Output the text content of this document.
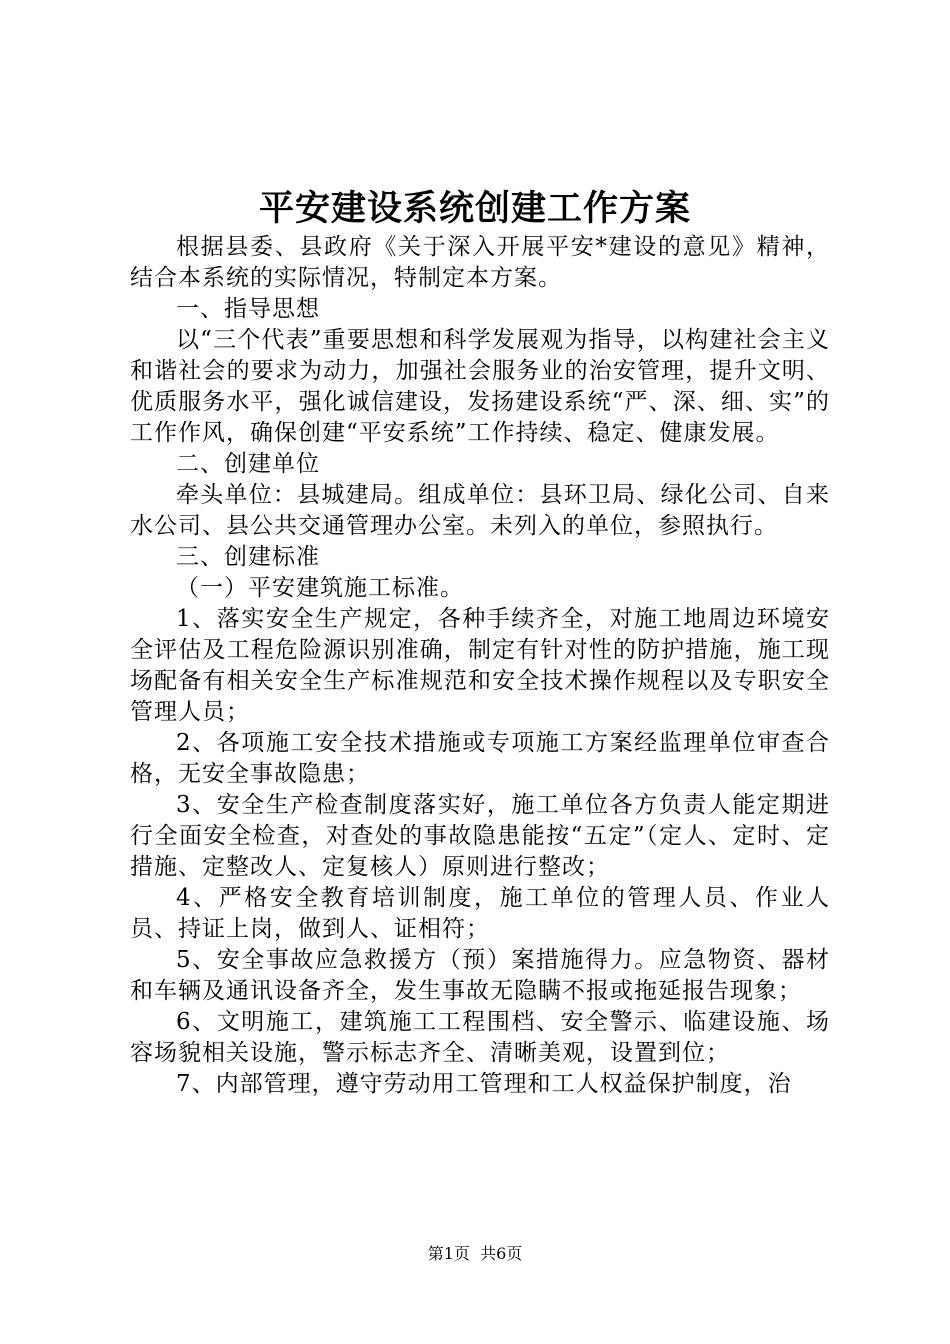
平安建设系统创建工作方案

根据县委、县政府《关于深入开展平安*建设的意见》精神，结合本系统的实际情况，特制定本方案。

一、指导思想

以“三个代表”重要思想和科学发展观为指导，以构建社会主义和谐社会的要求为动力，加强社会服务业的治安管理，提升文明、优质服务水平，强化诚信建设，发扬建设系统“严、深、细、实”的工作作风，确保创建“平安系统”工作持续、稳定、健康发展。

二、创建单位

牵头单位：县城建局。组成单位：县环卫局、绿化公司、自来水公司、县公共交通管理办公室。未列入的单位，参照执行。

三、创建标准

（一）平安建筑施工标准。

1、落实安全生产规定，各种手续齐全，对施工地周边环境安全评估及工程危险源识别准确，制定有针对性的防护措施，施工现场配备有相关安全生产标准规范和安全技术操作规程以及专职安全管理人员；

2、各项施工安全技术措施或专项施工方案经监理单位审查合格，无安全事故隐患；

3、安全生产检查制度落实好，施工单位各方负责人能定期进行全面安全检查，对查处的事故隐患能按“五定”（定人、定时、定措施、定整改人、定复核人）原则进行整改；

4、严格安全教育培训制度，施工单位的管理人员、作业人员、持证上岗，做到人、证相符；

5、安全事故应急救援方（预）案措施得力。应急物资、器材和车辆及通讯设备齐全，发生事故无隐瞒不报或拖延报告现象；

6、文明施工，建筑施工工程围档、安全警示、临建设施、场容场貌相关设施，警示标志齐全、清晰美观，设置到位；

7、内部管理，遵守劳动用工管理和工人权益保护制度，治

第1页 共6页
